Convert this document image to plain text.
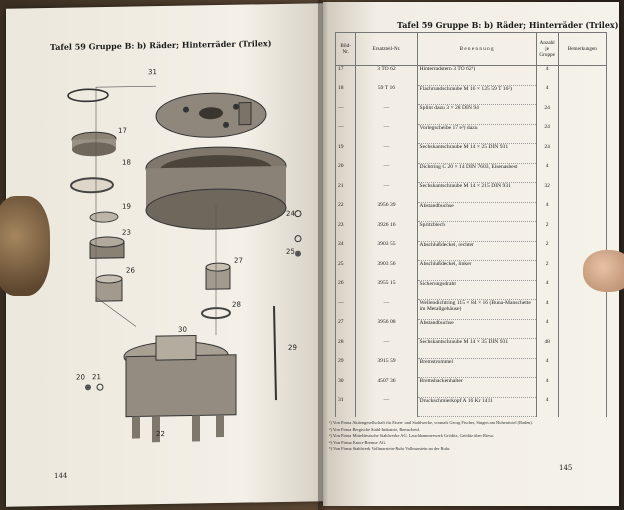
Tafel 59 Gruppe B: b) Räder; Hinterräder (Trilex)
31
17
18
19
23
26
27
28
29
30
20 21
22
24
25
144
Tafel 59 Gruppe B: b) Räder; Hinterräder (Trilex)
Bild-Nr.	Ersatzteil-Nr.	B e n e n n u n g	Anzahl je Gruppe	Bemerkungen
17	3 TO 62	Hinterradstern 3 TO 62¹)	4	
18	59 T 16	Flachrundschraube M 16 × 125 59 T 16²)	4	
—	—	Splint dazu 3 × 28 DIN 94	24	
—	—	Vorlegscheibe 17 e³) dazu	24	
19	—	Sechskantschraube M 14 × 25 DIN 931	24	
20	—	Dichtring C 20 × 14 DIN 7603, Eisenasbest	4	
21	—	Sechskantschraube M 14 × 215 DIN 931	32	
22	3956 39	Abstandbuchse	4	
23	3926 16	Spritzblech	2	
24	3903 55	Abschlußdeckel, rechter	2	
25	3903 56	Abschlußdeckel, linker	2	
26	3955 15	Sicherungsdraht	4	
—	—	Wellendichtring 115 × 84 × 16 (Buna-Manschette im Metallgehäuse)	4	
27	3956 08	Abstandbuchse	4	
28	—	Sechskantschraube M 14 × 35 DIN 931	48	
29	3915 59	Bremstrommel	4	
30	4507 36	Bremsbackenhalter	4	
31	—	Druckschmierkopf A 16 Kr 1411	4	
¹) Von Firma Aktiengesellschaft für Eisen- und Stahlwerke, vormals Georg Fischer, Singen am Hohentwiel (Baden).
²) Von Firma Bergische Stahl-Industrie, Remscheid.
³) Von Firma Mitteldeutsche Stahlwerke AG. Lauchhammerwerk Gröditz, Gröditz über Riesa.
⁴) Von Firma Knorr-Bremse AG.
⁵) Von Firma Stahlwerk Vollmarstein-Ruhr Vollmarstein an der Ruhr.
145
